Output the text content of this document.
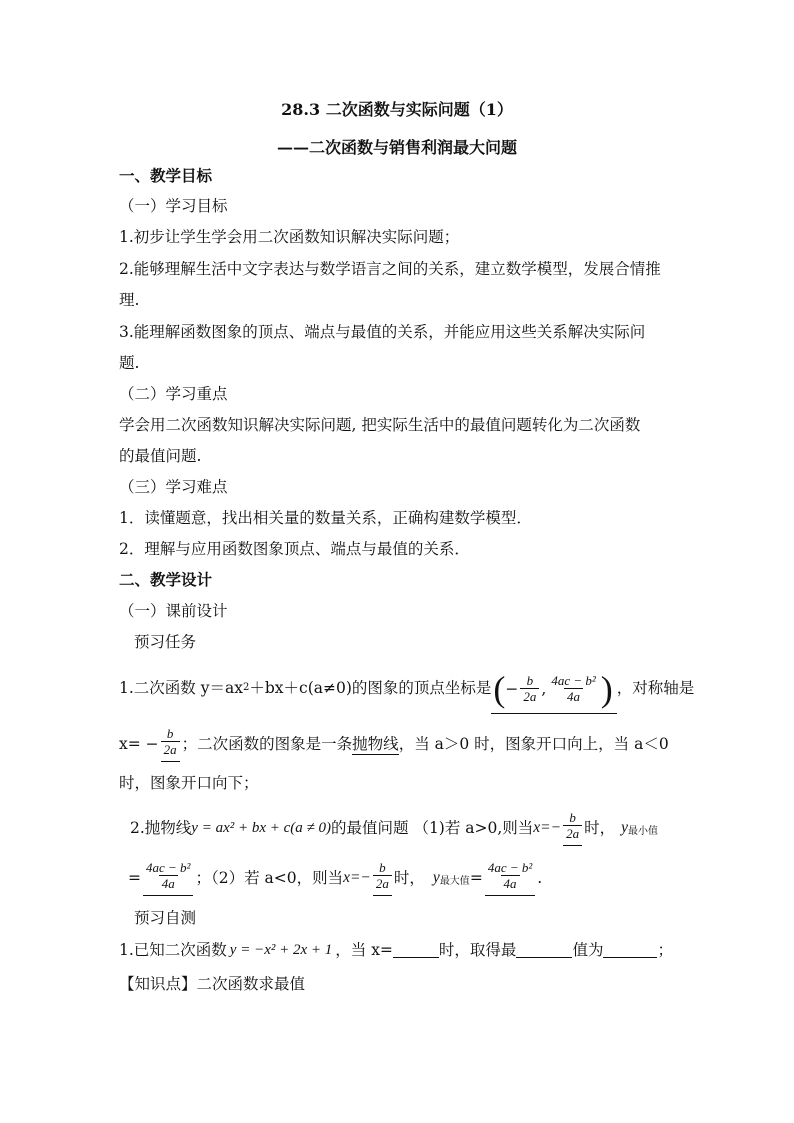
28.3 二次函数与实际问题（1）
——二次函数与销售利润最大问题
一、教学目标
（一）学习目标
1.初步让学生学会用二次函数知识解决实际问题；
2.能够理解生活中文字表达与数学语言之间的关系，建立数学模型，发展合情推
理.
3.能理解函数图象的顶点、端点与最值的关系，并能应用这些关系解决实际问
题.
（二）学习重点
学会用二次函数知识解决实际问题, 把实际生活中的最值问题转化为二次函数
的最值问题.
（三）学习难点
1．读懂题意，找出相关量的数量关系，正确构建数学模型．
2．理解与应用函数图象顶点、端点与最值的关系．
二、教学设计
（一）课前设计
预习任务
1.二次函数 y＝ax 2 ＋bx＋c(a≠0)的图象的顶点坐标是 ( − $\frac{b}{2a}$ , $\frac{\text{4ac − b²}}{4a}$ ) ，对称轴是
$x= - \frac{b}{2a}$ ；二次函数的图象是一条 抛物线 ，当 a＞0 时，图象开口向上，当 a＜0
时，图象开口向下；
2.抛物线 y = ax² + bx + c(a ≠ 0) 的最值问题 （1)若 a>0,则当 $x=- \frac{b}{2a}$ 时， y 最小值
= $\frac{\text{4ac − b²}}{4a}$ ；（2）若 a<0，则当 $x=- \frac{b}{2a}$ 时， y 最大值 = $\frac{\text{4ac − b²}}{4a}$ .
预习自测
1.已知二次函数 y = −x² + 2x + 1 ，当 x=	时，取得最	值为	；
【知识点】二次函数求最值
